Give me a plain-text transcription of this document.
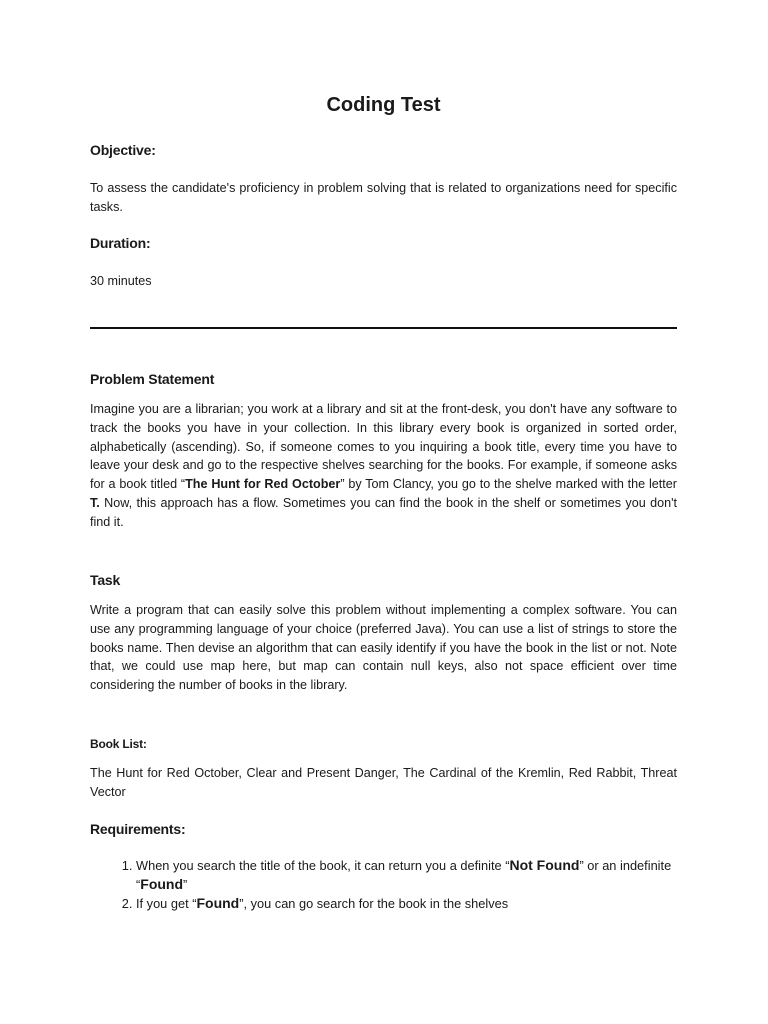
Coding Test
Objective:

To assess the candidate's proficiency in problem solving that is related to organizations need for specific tasks.

Duration:

30 minutes

Problem Statement

Imagine you are a librarian; you work at a library and sit at the front-desk, you don't have any software to track the books you have in your collection. In this library every book is organized in sorted order, alphabetically (ascending). So, if someone comes to you inquiring a book title, every time you have to leave your desk and go to the respective shelves searching for the books. For example, if someone asks for a book titled “The Hunt for Red October” by Tom Clancy, you go to the shelve marked with the letter T. Now, this approach has a flow. Sometimes you can find the book in the shelf or sometimes you don't find it.

Task

Write a program that can easily solve this problem without implementing a complex software. You can use any programming language of your choice (preferred Java). You can use a list of strings to store the books name. Then devise an algorithm that can easily identify if you have the book in the list or not. Note that, we could use map here, but map can contain null keys, also not space efficient over time considering the number of books in the library.

Book List:

The Hunt for Red October, Clear and Present Danger, The Cardinal of the Kremlin, Red Rabbit, Threat Vector

Requirements:
1. When you search the title of the book, it can return you a definite “Not Found” or an indefinite “Found”
2. If you get “Found”, you can go search for the book in the shelves
